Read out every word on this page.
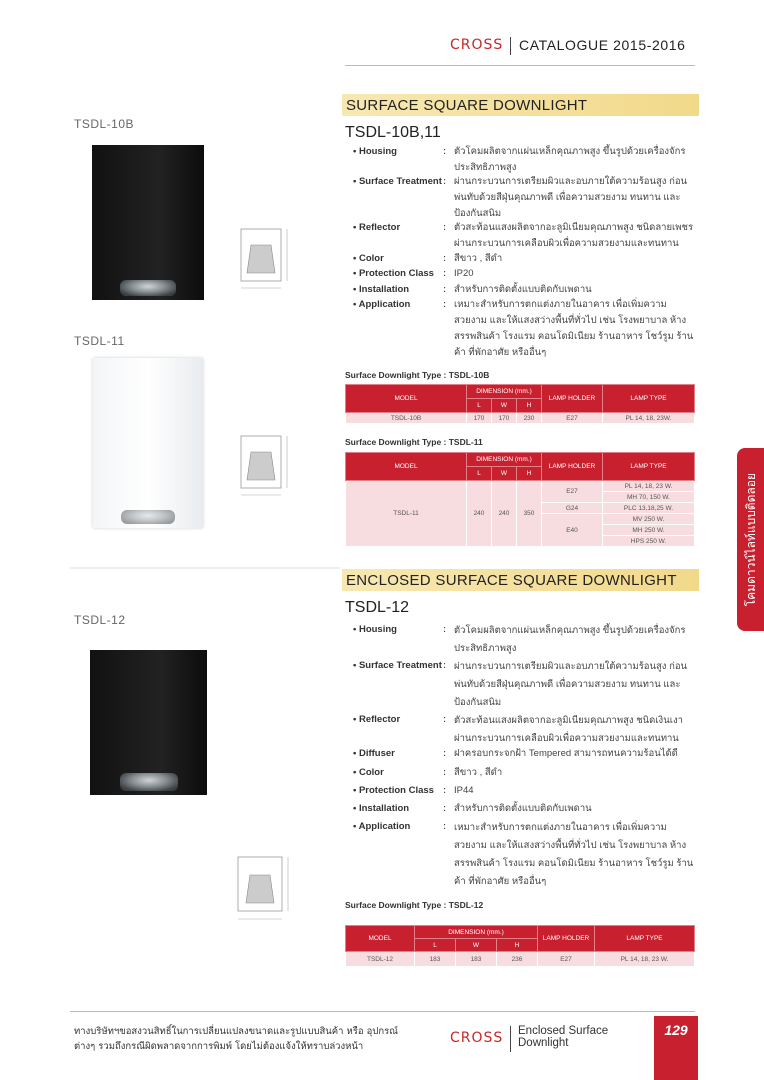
CROSS CATALOGUE 2015-2016
TSDL-10B
TSDL-11
TSDL-12
SURFACE SQUARE DOWNLIGHT
TSDL-10B,11
• Housing	: ตัวโคมผลิตจากแผ่นเหล็กคุณภาพสูง ขึ้นรูปด้วยเครื่องจักรประสิทธิภาพสูง
• Surface Treatment : ผ่านกระบวนการเตรียมผิวและอบภายใต้ความร้อนสูง ก่อนพ่นทับด้วยสีฝุ่นคุณภาพดี เพื่อความสวยงาม ทนทาน และป้องกันสนิม
• Reflector	: ตัวสะท้อนแสงผลิตจากอะลูมิเนียมคุณภาพสูง ชนิดลายเพชร ผ่านกระบวนการเคลือบผิวเพื่อความสวยงามและทนทาน
• Color	: สีขาว , สีดำ
• Protection Class : IP20
• Installation	: สำหรับการติดตั้งแบบติดกับเพดาน
• Application	: เหมาะสำหรับการตกแต่งภายในอาคาร เพื่อเพิ่มความสวยงาม และให้แสงสว่างพื้นที่ทั่วไป เช่น โรงพยาบาล ห้างสรรพสินค้า โรงแรม คอนโดมิเนียม ร้านอาหาร โชว์รูม ร้านค้า ที่พักอาศัย หรืออื่นๆ
Surface Downlight Type : TSDL-10B
MODEL	DIMENSION (mm.)			LAMP HOLDER	LAMP TYPE
	L	W	H		
TSDL-10B	170	170	230	E27	PL 14, 18, 23W.
Surface Downlight Type : TSDL-11
MODEL	DIMENSION (mm.)			LAMP HOLDER	LAMP TYPE
	L	W	H		
TSDL-11	240	240	350	E27	PL 14, 18, 23 W.
					MH 70, 150 W.
				G24	PLC 13,18,25 W.
				E40	MV 250 W.
					MH 250 W.
					HPS 250 W.
ENCLOSED SURFACE SQUARE DOWNLIGHT
TSDL-12
• Housing	: ตัวโคมผลิตจากแผ่นเหล็กคุณภาพสูง ขึ้นรูปด้วยเครื่องจักรประสิทธิภาพสูง
• Surface Treatment : ผ่านกระบวนการเตรียมผิวและอบภายใต้ความร้อนสูง ก่อนพ่นทับด้วยสีฝุ่นคุณภาพดี เพื่อความสวยงาม ทนทาน และป้องกันสนิม
• Reflector	: ตัวสะท้อนแสงผลิตจากอะลูมิเนียมคุณภาพสูง ชนิดเงินเงา ผ่านกระบวนการเคลือบผิวเพื่อความสวยงามและทนทาน
• Diffuser	: ฝาครอบกระจกฝ้า Tempered สามารถทนความร้อนได้ดี
• Color	: สีขาว , สีดำ
• Protection Class : IP44
• Installation	: สำหรับการติดตั้งแบบติดกับเพดาน
• Application	: เหมาะสำหรับการตกแต่งภายในอาคาร เพื่อเพิ่มความสวยงาม และให้แสงสว่างพื้นที่ทั่วไป เช่น โรงพยาบาล ห้างสรรพสินค้า โรงแรม คอนโดมิเนียม ร้านอาหาร โชว์รูม ร้านค้า ที่พักอาศัย หรืออื่นๆ
Surface Downlight Type : TSDL-12
MODEL	DIMENSION (mm.)			LAMP HOLDER	LAMP TYPE
	L	W	H		
TSDL-12	183	183	236	E27	PL 14, 18, 23 W.
โคมดาวน์ไลท์แบบติดลอย
ทางบริษัทฯขอสงวนสิทธิ์ในการเปลี่ยนแปลงขนาดและรูปแบบสินค้า หรือ อุปกรณ์
ต่างๆ รวมถึงกรณีผิดพลาดจากการพิมพ์ โดยไม่ต้องแจ้งให้ทราบล่วงหน้า
CROSS Enclosed Surface
Downlight
129
